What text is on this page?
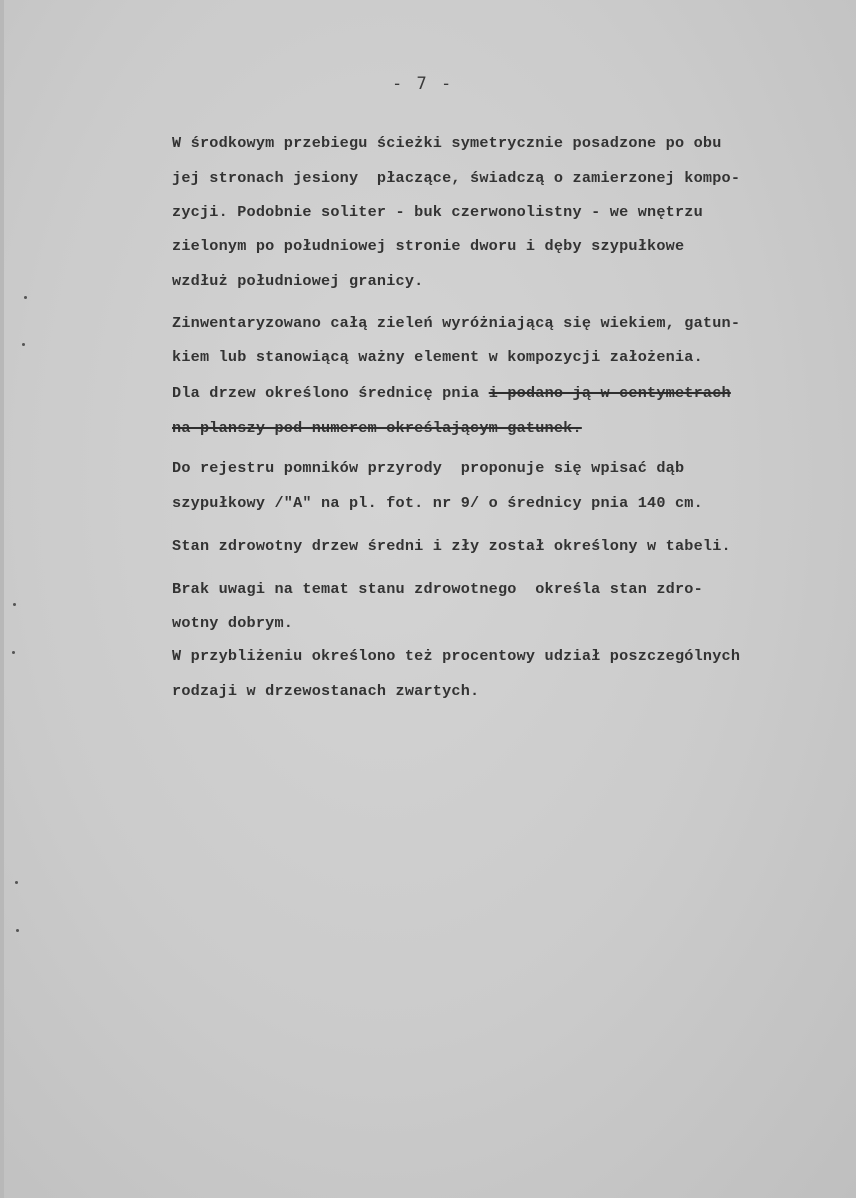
- 7 -
W środkowym przebiegu ścieżki symetrycznie posadzone po obu
jej stronach jesiony  płaczące, świadczą o zamierzonej kompo-
zycji. Podobnie soliter - buk czerwonolistny - we wnętrzu
zielonym po południowej stronie dworu i dęby szypułkowe
wzdłuż południowej granicy.
Zinwentaryzowano całą zieleń wyróżniającą się wiekiem, gatun-
kiem lub stanowiącą ważny element w kompozycji założenia.
Dla drzew określono średnicę pnia i podano ją w centymetrach
na planszy pod numerem określającym gatunek.
Do rejestru pomników przyrody  proponuje się wpisać dąb
szypułkowy /"A" na pl. fot. nr 9/ o średnicy pnia 140 cm.
Stan zdrowotny drzew średni i zły został określony w tabeli.
Brak uwagi na temat stanu zdrowotnego  określa stan zdro-
wotny dobrym.
W przybliżeniu określono też procentowy udział poszczególnych
rodzaji w drzewostanach zwartych.
